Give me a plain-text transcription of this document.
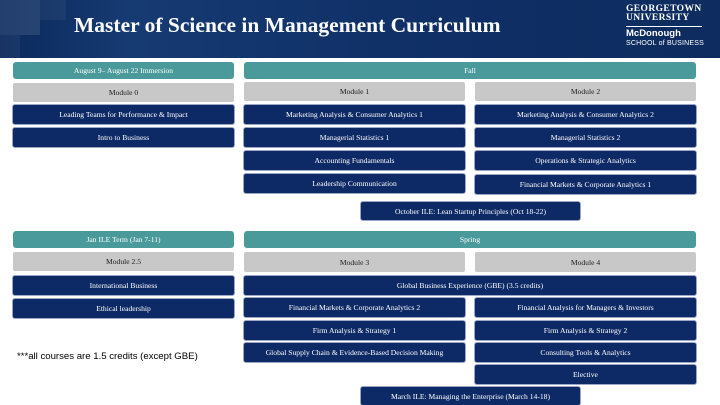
Master of Science in Management Curriculum
GEORGETOWN
UNIVERSITY
McDonough
SCHOOL of BUSINESS
August 9– August 22 Immersion
Module 0
Leading Teams for Performance & Impact
Intro to Business
Fall
Module 1	Module 2
Marketing Analysis & Consumer Analytics 1
Managerial Statistics 1
Accounting Fundamentals
Leadership Communication
Marketing Analysis & Consumer Analytics 2
Managerial Statistics 2
Operations & Strategic Analytics
Financial Markets & Corporate Analytics 1
October ILE: Lean Startup Principles (Oct 18-22)
Jan ILE Term (Jan 7-11)
Module 2.5
International Business
Ethical leadership
Spring
Module 3	Module 4
Global Business Experience (GBE) (3.5 credits)
Financial Markets & Corporate Analytics 2
Firm Analysis & Strategy 1
Global Supply Chain & Evidence-Based Decision Making
Financial Analysis for Managers & Investors
Firm Analysis & Strategy 2
Consulting Tools & Analytics
Elective
March ILE: Managing the Enterprise (March 14-18)
***all courses are 1.5 credits (except GBE)
